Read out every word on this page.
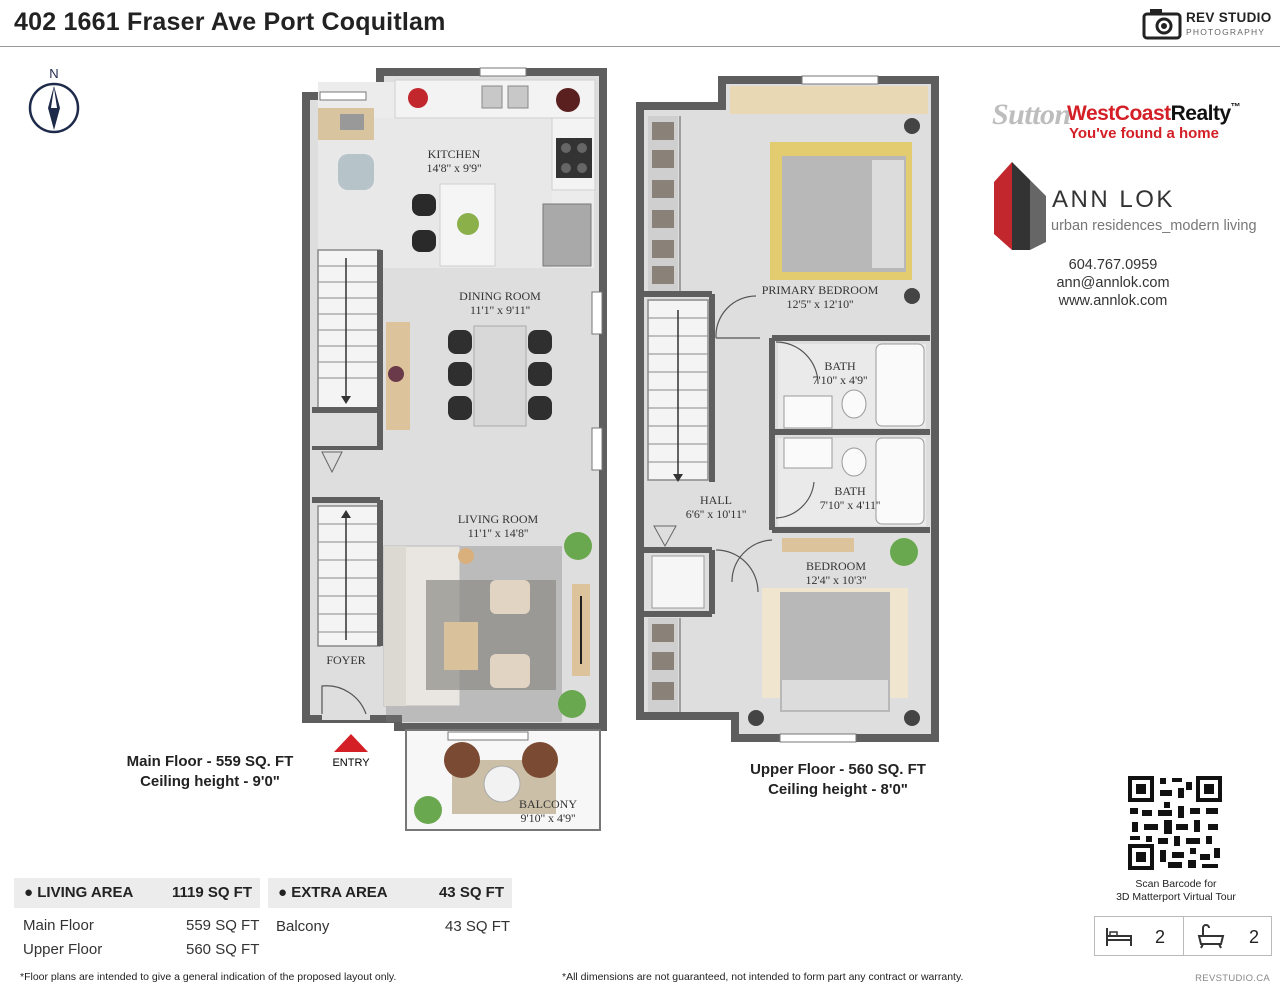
402 1661 Fraser Ave Port Coquitlam	REV STUDIO
PHOTOGRAPHY
N
KITCHEN
14'8'' x 9'9''
DINING ROOM
11'1'' x 9'11''
LIVING ROOM
11'1'' x 14'8''
FOYER
BALCONY
9'10'' x 4'9''
PRIMARY BEDROOM
12'5'' x 12'10''
BATH
7'10'' x 4'9''
BATH
7'10'' x 4'11''
HALL
6'6'' x 10'11''
BEDROOM
12'4'' x 10'3''
ENTRY
Main Floor - 559 SQ. FT
Ceiling height - 9'0"
Upper Floor - 560 SQ. FT
Ceiling height - 8'0"
Sutton
WestCoastRealty™
You've found a home
ANN LOK
urban residences_modern living
604.767.0959
ann@annlok.com
www.annlok.com
Scan Barcode for
3D Matterport Virtual Tour
2	2
● LIVING AREA	1119 SQ FT
Main Floor	559 SQ FT
Upper Floor	560 SQ FT
● EXTRA AREA	43 SQ FT
Balcony	43 SQ FT
*Floor plans are intended to give a general indication of the proposed layout only.	*All dimensions are not guaranteed, not intended to form part any contract or warranty.	REVSTUDIO.CA
